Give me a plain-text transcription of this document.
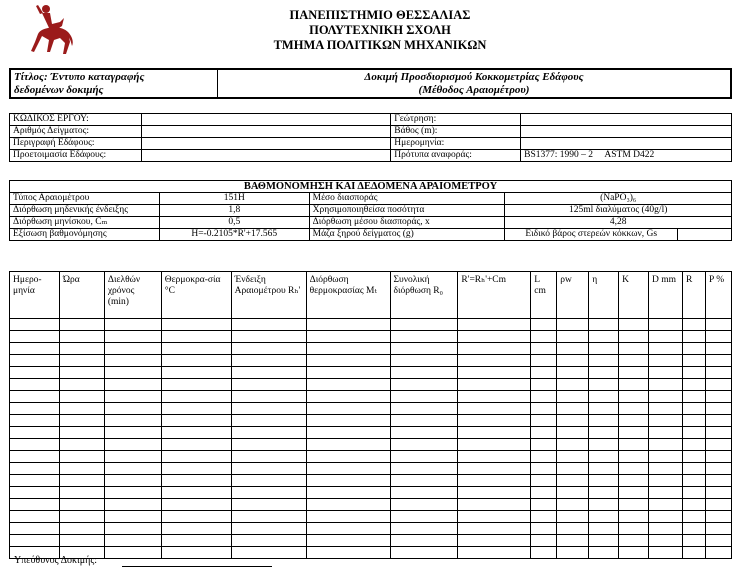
ΠΑΝΕΠΙΣΤΗΜΙΟ ΘΕΣΣΑΛΙΑΣ
ΠΟΛΥΤΕΧΝΙΚΗ ΣΧΟΛΗ
ΤΜΗΜΑ ΠΟΛΙΤΙΚΩΝ ΜΗΧΑΝΙΚΩΝ
Τίτλος: Έντυπο καταγραφής
δεδομένων δοκιμής	Δοκιμή Προσδιορισμού Κοκκομετρίας Εδάφους
(Μέθοδος Αραιομέτρου)
ΚΩΔΙΚΟΣ ΕΡΓΟΥ:		Γεώτρηση:	
Αριθμός Δείγματος:		Βάθος (m):	
Περιγραφή Εδάφους:		Ημερομηνία:	
Προετοιμασία Εδάφους:		Πρότυπα αναφοράς:	BS1377: 1990 – 2 ASTM D422
ΒΑΘΜΟΝΟΜΗΣΗ ΚΑΙ ΔΕΔΟΜΕΝΑ ΑΡΑΙΟΜΕΤΡΟΥ				
Τύπος Αραιομέτρου	151H	Μέσο διασποράς	(NaPO₃)₆	
Διόρθωση μηδενικής ένδειξης	1,8	Χρησιμοποιηθείσα ποσότητα	125ml διαλύματος (40g/l)	
Διόρθωση μηνίσκου, Cₘ	0,5	Διόρθωση μέσου διασποράς, x	4,28	
Εξίσωση βαθμονόμησης	H=-0.2105*R'+17.565	Μάζα ξηρού δείγματος (g)	Ειδικό βάρος στερεών κόκκων, Gs	
Ημερο-μηνία	Ώρα	Διελθών χρόνος (min)	Θερμοκρα-σία °C	Ένδειξη Αραιομέτρου Rₕ'	Διόρθωση θερμοκρασίας Mₜ	Συνολική διόρθωση R₀	R'=Rₕ'+Cm	L cm	ρw	η	K	D mm	R	P %

Υπεύθυνος Δοκιμής:
